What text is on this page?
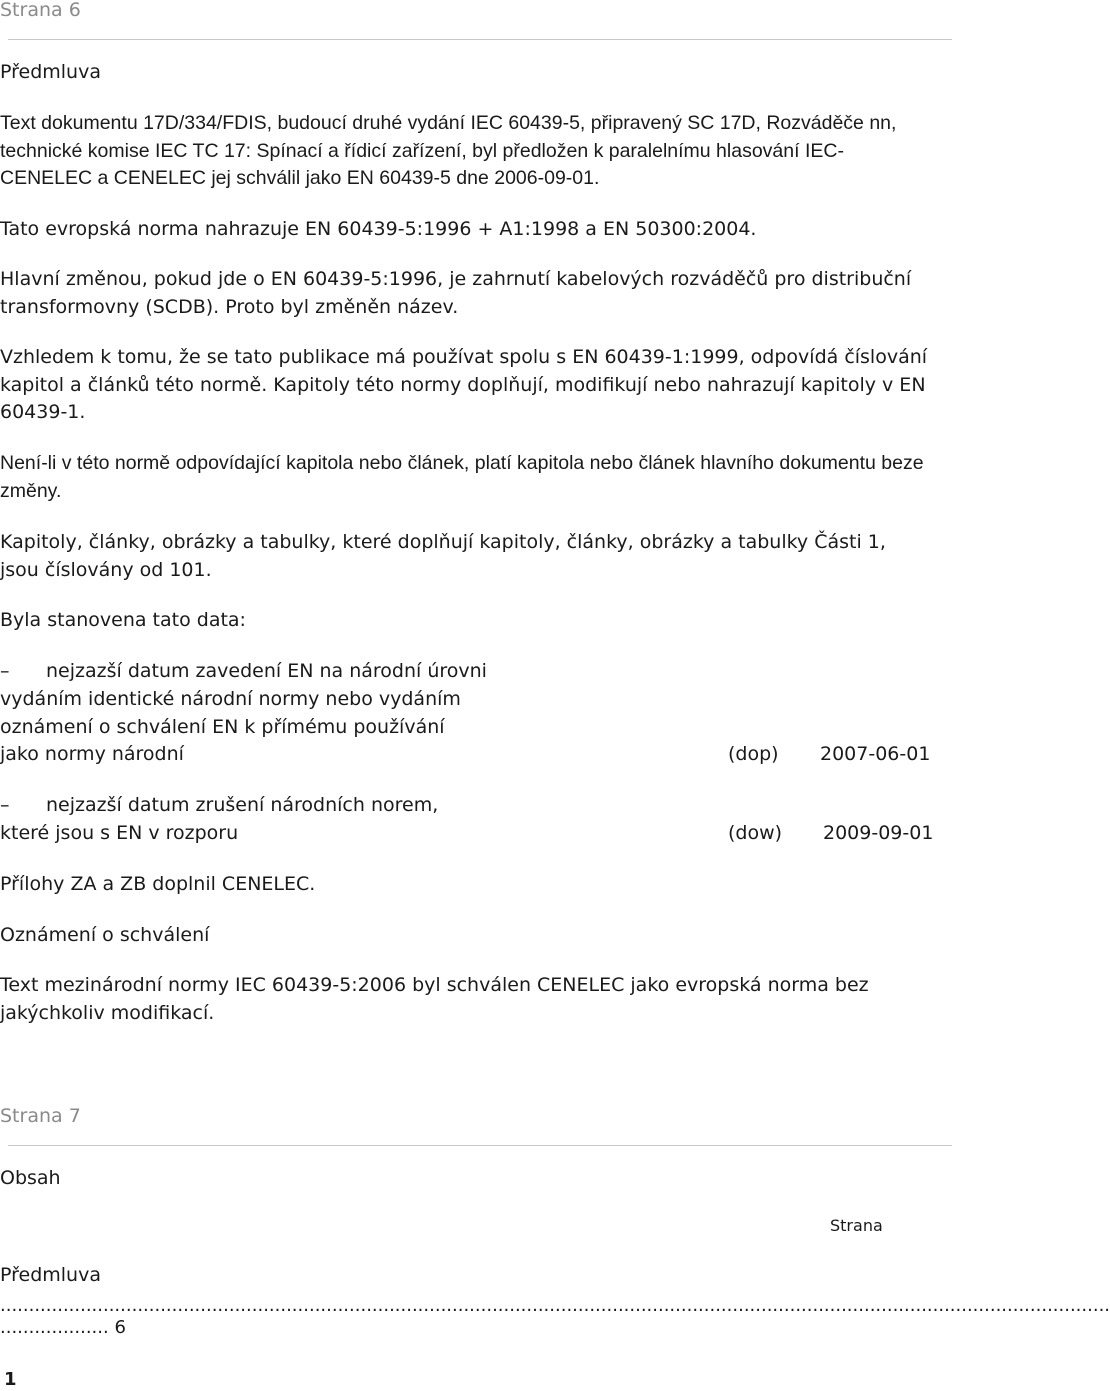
Strana 6
Předmluva
Text dokumentu 17D/334/FDIS, budoucí druhé vydání IEC 60439-5, připravený SC 17D, Rozváděče nn, technické komise IEC TC 17: Spínací a řídicí zařízení, byl předložen k paralelnímu hlasování IEC-CENELEC a CENELEC jej schválil jako EN 60439-5 dne 2006-09-01.
Tato evropská norma nahrazuje EN 60439-5:1996 + A1:1998 a EN 50300:2004.
Hlavní změnou, pokud jde o EN 60439-5:1996, je zahrnutí kabelových rozváděčů pro distribuční transformovny (SCDB). Proto byl změněn název.
Vzhledem k tomu, že se tato publikace má používat spolu s EN 60439-1:1999, odpovídá číslování kapitol a článků této normě. Kapitoly této normy doplňují, modifikují nebo nahrazují kapitoly v EN 60439-1.
Není-li v této normě odpovídající kapitola nebo článek, platí kapitola nebo článek hlavního dokumentu beze změny.
Kapitoly, články, obrázky a tabulky, které doplňují kapitoly, články, obrázky a tabulky Části 1, jsou číslovány od 101.
Byla stanovena tato data:
– nejzazší datum zavedení EN na národní úrovni
vydáním identické národní normy nebo vydáním
oznámení o schválení EN k přímému používání
jako normy národní	(dop) 2007-06-01
– nejzazší datum zrušení národních norem,
které jsou s EN v rozporu	(dow) 2009-09-01
Přílohy ZA a ZB doplnil CENELEC.
Oznámení o schválení
Text mezinárodní normy IEC 60439-5:2006 byl schválen CENELEC jako evropská norma bez jakýchkoliv modifikací.
Strana 7
Obsah
Strana
Předmluva
..................................................................................................................................................................................................
................... 6
1
